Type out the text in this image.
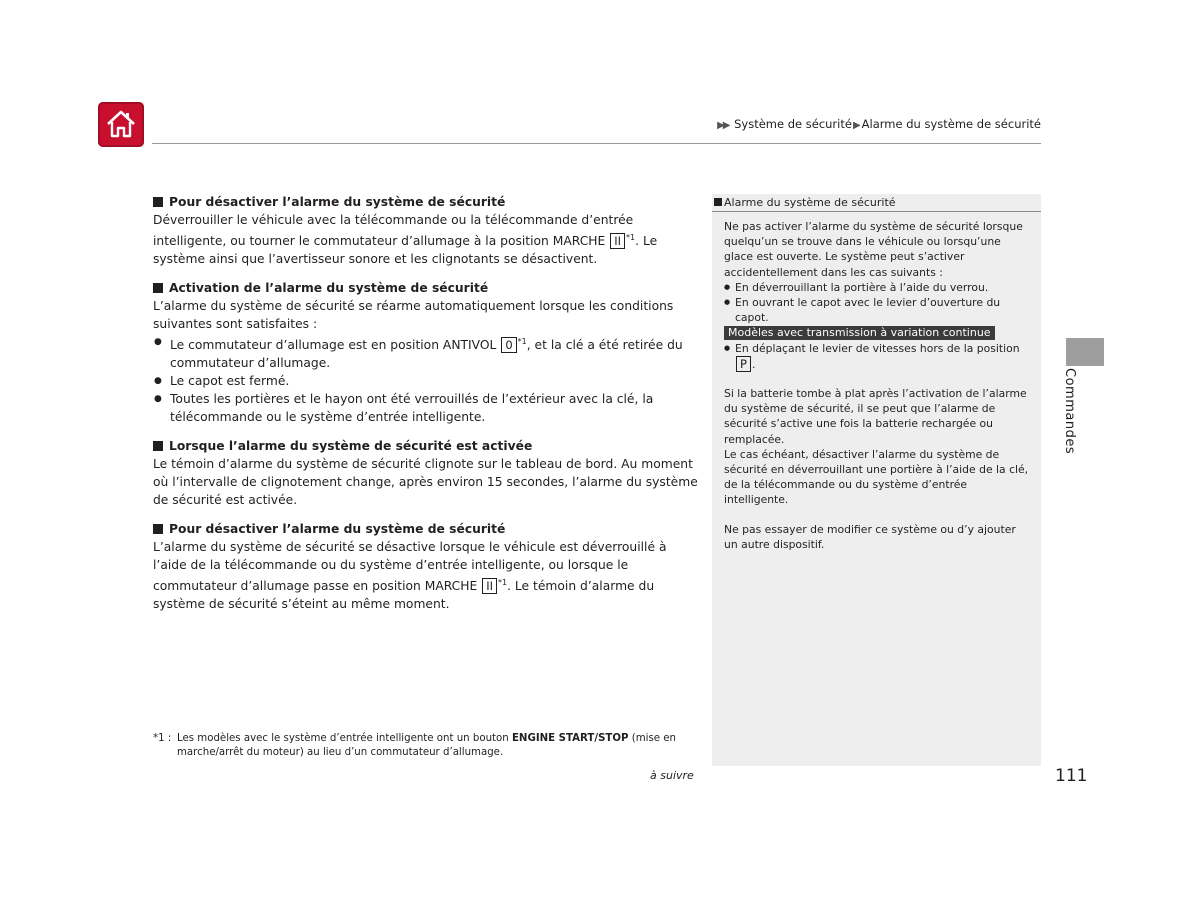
▶▶ Système de sécurité▶Alarme du système de sécurité

Pour désactiver l’alarme du système de sécurité

Déverrouiller le véhicule avec la télécommande ou la télécommande d’entrée intelligente, ou tourner le commutateur d’allumage à la position MARCHE II $^{*1}$. Le système ainsi que l’avertisseur sonore et les clignotants se désactivent.

Activation de l’alarme du système de sécurité

L’alarme du système de sécurité se réarme automatiquement lorsque les conditions suivantes sont satisfaites :

● Le commutateur d’allumage est en position ANTIVOL 0 $^{*1}$, et la clé a été retirée du commutateur d’allumage.
● Le capot est fermé.
● Toutes les portières et le hayon ont été verrouillés de l’extérieur avec la clé, la télécommande ou le système d’entrée intelligente.

Lorsque l’alarme du système de sécurité est activée

Le témoin d’alarme du système de sécurité clignote sur le tableau de bord. Au moment où l’intervalle de clignotement change, après environ 15 secondes, l’alarme du système de sécurité est activée.

Pour désactiver l’alarme du système de sécurité

L’alarme du système de sécurité se désactive lorsque le véhicule est déverrouillé à l’aide de la télécommande ou du système d’entrée intelligente, ou lorsque le commutateur d’allumage passe en position MARCHE II $^{*1}$. Le témoin d’alarme du système de sécurité s’éteint au même moment.

Alarme du système de sécurité

Ne pas activer l’alarme du système de sécurité lorsque quelqu’un se trouve dans le véhicule ou lorsqu’une glace est ouverte. Le système peut s’activer accidentellement dans les cas suivants :

● En déverrouillant la portière à l’aide du verrou.
● En ouvrant le capot avec le levier d’ouverture du capot.
Modèles avec transmission à variation continue
● En déplaçant le levier de vitesses hors de la position P .

Si la batterie tombe à plat après l’activation de l’alarme du système de sécurité, il se peut que l’alarme de sécurité s’active une fois la batterie rechargée ou remplacée.

Le cas échéant, désactiver l’alarme du système de sécurité en déverrouillant une portière à l’aide de la clé, de la télécommande ou du système d’entrée intelligente.

Ne pas essayer de modifier ce système ou d’y ajouter un autre dispositif.

Commandes
*1 : Les modèles avec le système d’entrée intelligente ont un bouton ENGINE START/STOP (mise en marche/arrêt du moteur) au lieu d’un commutateur d’allumage.
à suivre	111
